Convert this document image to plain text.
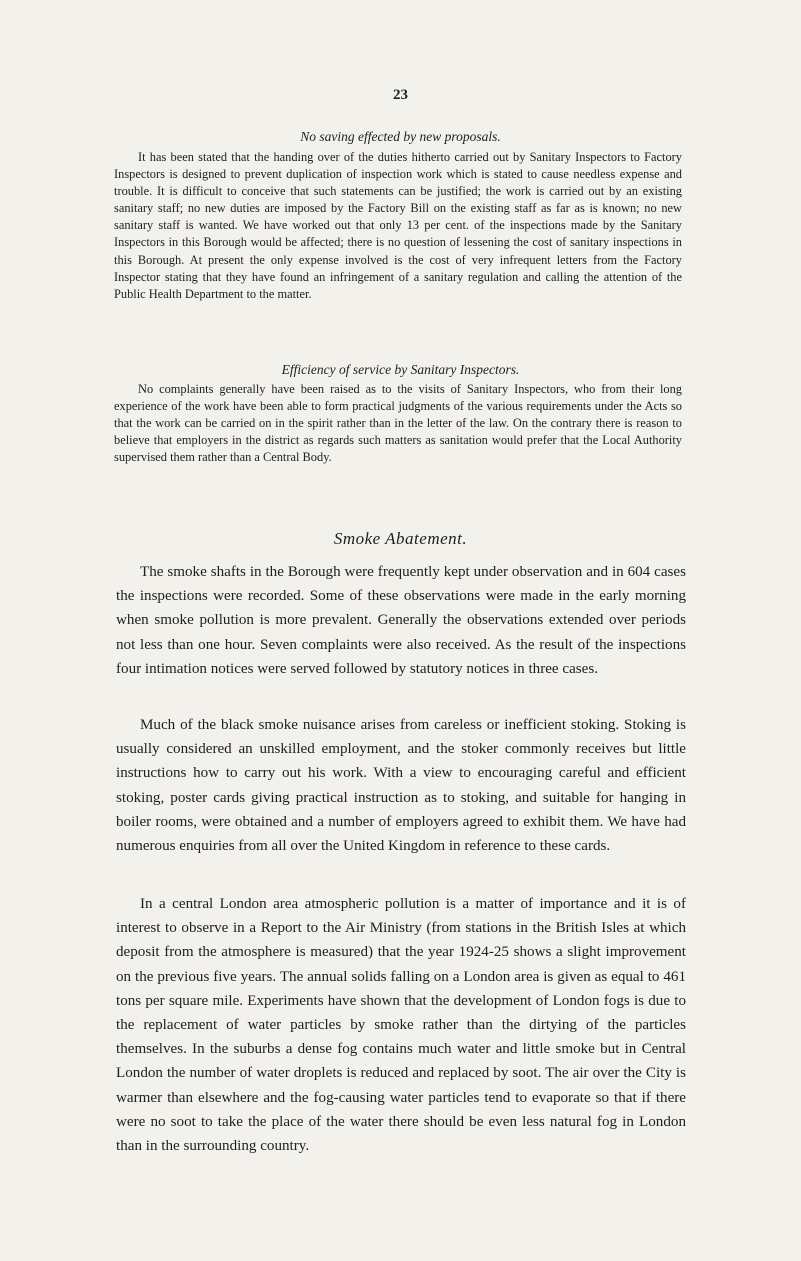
23
No saving effected by new proposals.

It has been stated that the handing over of the duties hitherto carried out by Sanitary Inspectors to Factory Inspectors is designed to prevent duplication of inspection work which is stated to cause needless expense and trouble. It is difficult to conceive that such statements can be justified; the work is carried out by an existing sanitary staff; no new duties are imposed by the Factory Bill on the existing staff as far as is known; no new sanitary staff is wanted. We have worked out that only 13 per cent. of the inspections made by the Sanitary Inspectors in this Borough would be affected; there is no question of lessening the cost of sanitary inspections in this Borough. At present the only expense involved is the cost of very infrequent letters from the Factory Inspector stating that they have found an infringement of a sanitary regulation and calling the attention of the Public Health Department to the matter.

Efficiency of service by Sanitary Inspectors.

No complaints generally have been raised as to the visits of Sanitary Inspectors, who from their long experience of the work have been able to form practical judgments of the various requirements under the Acts so that the work can be carried on in the spirit rather than in the letter of the law. On the contrary there is reason to believe that employers in the district as regards such matters as sanitation would prefer that the Local Authority supervised them rather than a Central Body.

Smoke Abatement.

The smoke shafts in the Borough were frequently kept under observation and in 604 cases the inspections were recorded. Some of these observations were made in the early morning when smoke pollution is more prevalent. Generally the observations extended over periods not less than one hour. Seven complaints were also received. As the result of the inspections four intimation notices were served followed by statutory notices in three cases.

Much of the black smoke nuisance arises from careless or inefficient stoking. Stoking is usually considered an unskilled employment, and the stoker commonly receives but little instructions how to carry out his work. With a view to encouraging careful and efficient stoking, poster cards giving practical instruction as to stoking, and suitable for hanging in boiler rooms, were obtained and a number of employers agreed to exhibit them. We have had numerous enquiries from all over the United Kingdom in reference to these cards.

In a central London area atmospheric pollution is a matter of importance and it is of interest to observe in a Report to the Air Ministry (from stations in the British Isles at which deposit from the atmosphere is measured) that the year 1924-25 shows a slight improvement on the previous five years. The annual solids falling on a London area is given as equal to 461 tons per square mile. Experiments have shown that the development of London fogs is due to the replacement of water particles by smoke rather than the dirtying of the particles themselves. In the suburbs a dense fog contains much water and little smoke but in Central London the number of water droplets is reduced and replaced by soot. The air over the City is warmer than elsewhere and the fog-causing water particles tend to evaporate so that if there were no soot to take the place of the water there should be even less natural fog in London than in the surrounding country.
